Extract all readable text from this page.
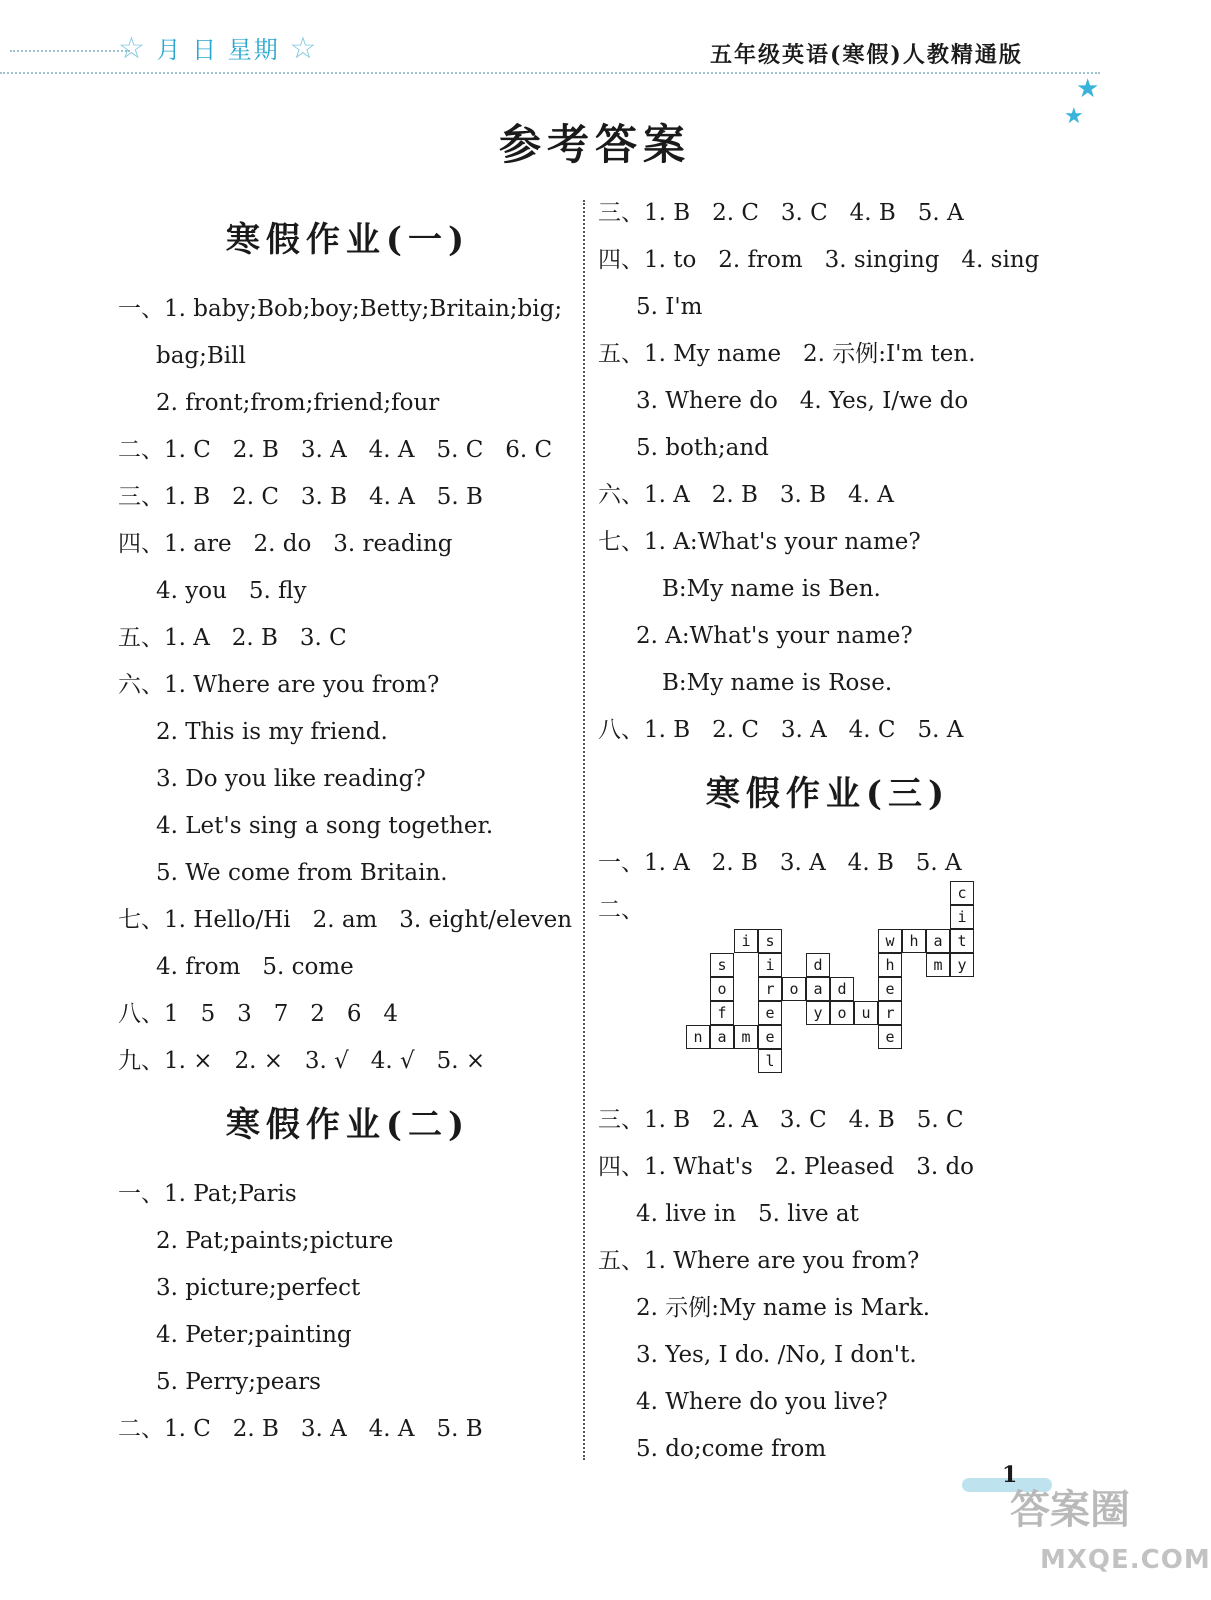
☆ 月 日 星期 ☆	五年级英语(寒假)人教精通版
★
★
参考答案
寒假作业(一)
一、1. baby;Bob;boy;Betty;Britain;big;
bag;Bill
2. front;from;friend;four
二、1. C   2. B   3. A   4. A   5. C   6. C
三、1. B   2. C   3. B   4. A   5. B
四、1. are   2. do   3. reading
4. you   5. fly
五、1. A   2. B   3. C
六、1. Where are you from?
2. This is my friend.
3. Do you like reading?
4. Let's sing a song together.
5. We come from Britain.
七、1. Hello/Hi   2. am   3. eight/eleven
4. from   5. come
八、1   5   3   7   2   6   4
九、1. ×   2. ×   3. √   4. √   5. ×
寒假作业(二)
一、1. Pat;Paris
2. Pat;paints;picture
3. picture;perfect
4. Peter;painting
5. Perry;pears
二、1. C   2. B   3. A   4. A   5. B
三、1. B   2. C   3. C   4. B   5. A
四、1. to   2. from   3. singing   4. sing
5. I'm
五、1. My name   2. 示例:I'm ten.
3. Where do   4. Yes, I/we do
5. both;and
六、1. A   2. B   3. B   4. A
七、1. A:What's your name?
B:My name is Ben.
2. A:What's your name?
B:My name is Rose.
八、1. B   2. C   3. A   4. C   5. A
寒假作业(三)
一、1. A   2. B   3. A   4. B   5. A
二、
i s
s
o
f
n a m e
i
r
e
l
o a d
d
y o u r
w h a t
h
e
e
c
i
m y
三、1. B   2. A   3. C   4. B   5. C
四、1. What's   2. Pleased   3. do
4. live in   5. live at
五、1. Where are you from?
2. 示例:My name is Mark.
3. Yes, I do. /No, I don't.
4. Where do you live?
5. do;come from
1
答案圈
MXQE.COM
